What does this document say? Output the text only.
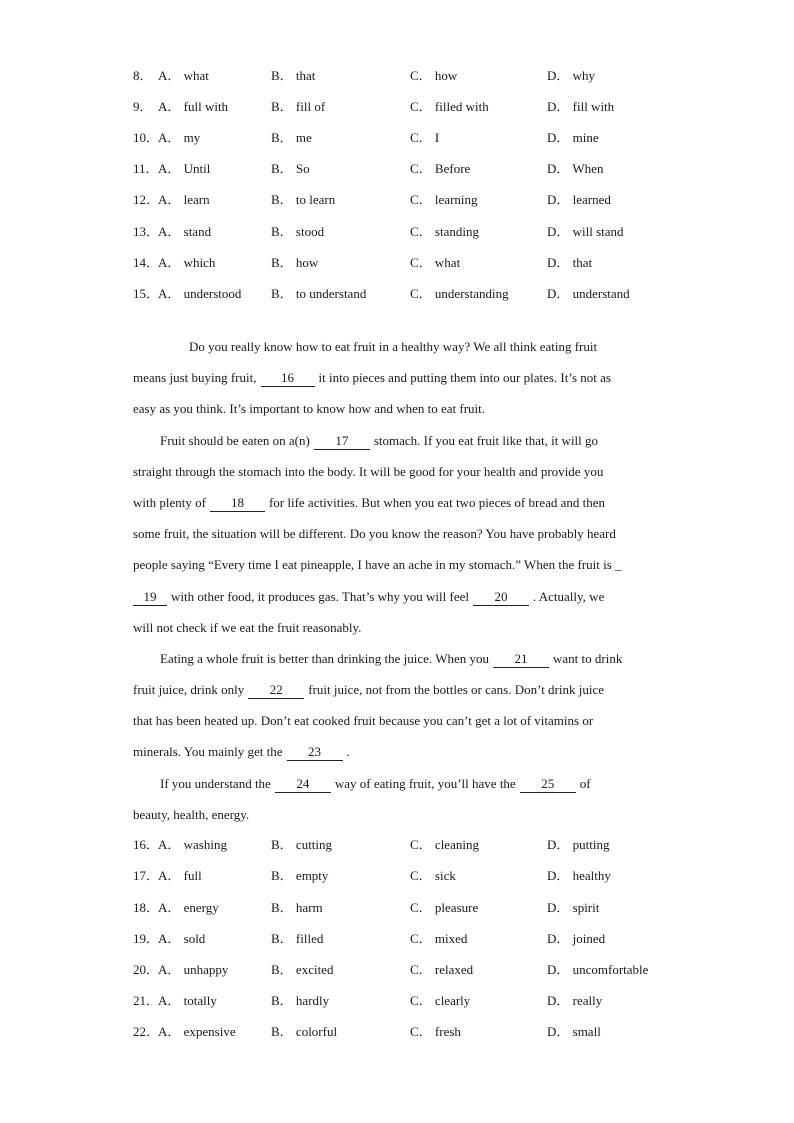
8． A． what	B． that	C． how	D． why
9． A． full with	B． fill of	C． filled with	D． fill with
10．
A． my	B． me	C． I	D． mine
11． A． Until	B． So	C． Before	D． When
12．
A． learn	B． to learn	C． learning	D． learned
13．
A． stand	B． stood	C． standing	D． will stand
14．
A． which	B． how	C． what	D． that
15．
A． understood B． to understand	C． understanding	D． understand
Do you really know how to eat fruit in a healthy way? We all think eating fruit
means just buying fruit, 16 it into pieces and putting them into our plates. It’s not as
easy as you think. It’s important to know how and when to eat fruit.
Fruit should be eaten on a(n) 17 stomach. If you eat fruit like that, it will go
straight through the stomach into the body. It will be good for your health and provide you
with plenty of 18 for life activities. But when you eat two pieces of bread and then
some fruit, the situation will be different. Do you know the reason? You have probably heard
people saying “Every time I eat pineapple, I have an ache in my stomach.” When the fruit is _
19 with other food, it produces gas. That’s why you will feel 20 . Actually, we
will not check if we eat the fruit reasonably.
Eating a whole fruit is better than drinking the juice. When you 21 want to drink
fruit juice, drink only 22 fruit juice, not from the bottles or cans. Don’t drink juice
that has been heated up. Don’t eat cooked fruit because you can’t get a lot of vitamins or
minerals. You mainly get the 23 .
If you understand the 24 way of eating fruit, you’ll have the 25 of
beauty, health, energy.
16．
A． washing	B． cutting	C． cleaning	D． putting
17．
A． full	B． empty	C． sick	D． healthy
18．
A． energy	B． harm	C． pleasure	D． spirit
19．
A． sold	B． filled	C． mixed	D． joined
20．
A． unhappy	B． excited	C． relaxed	D． uncomfortable
21．
A． totally	B． hardly	C． clearly	D． really
22．
A． expensive	B． colorful	C． fresh	D． small
